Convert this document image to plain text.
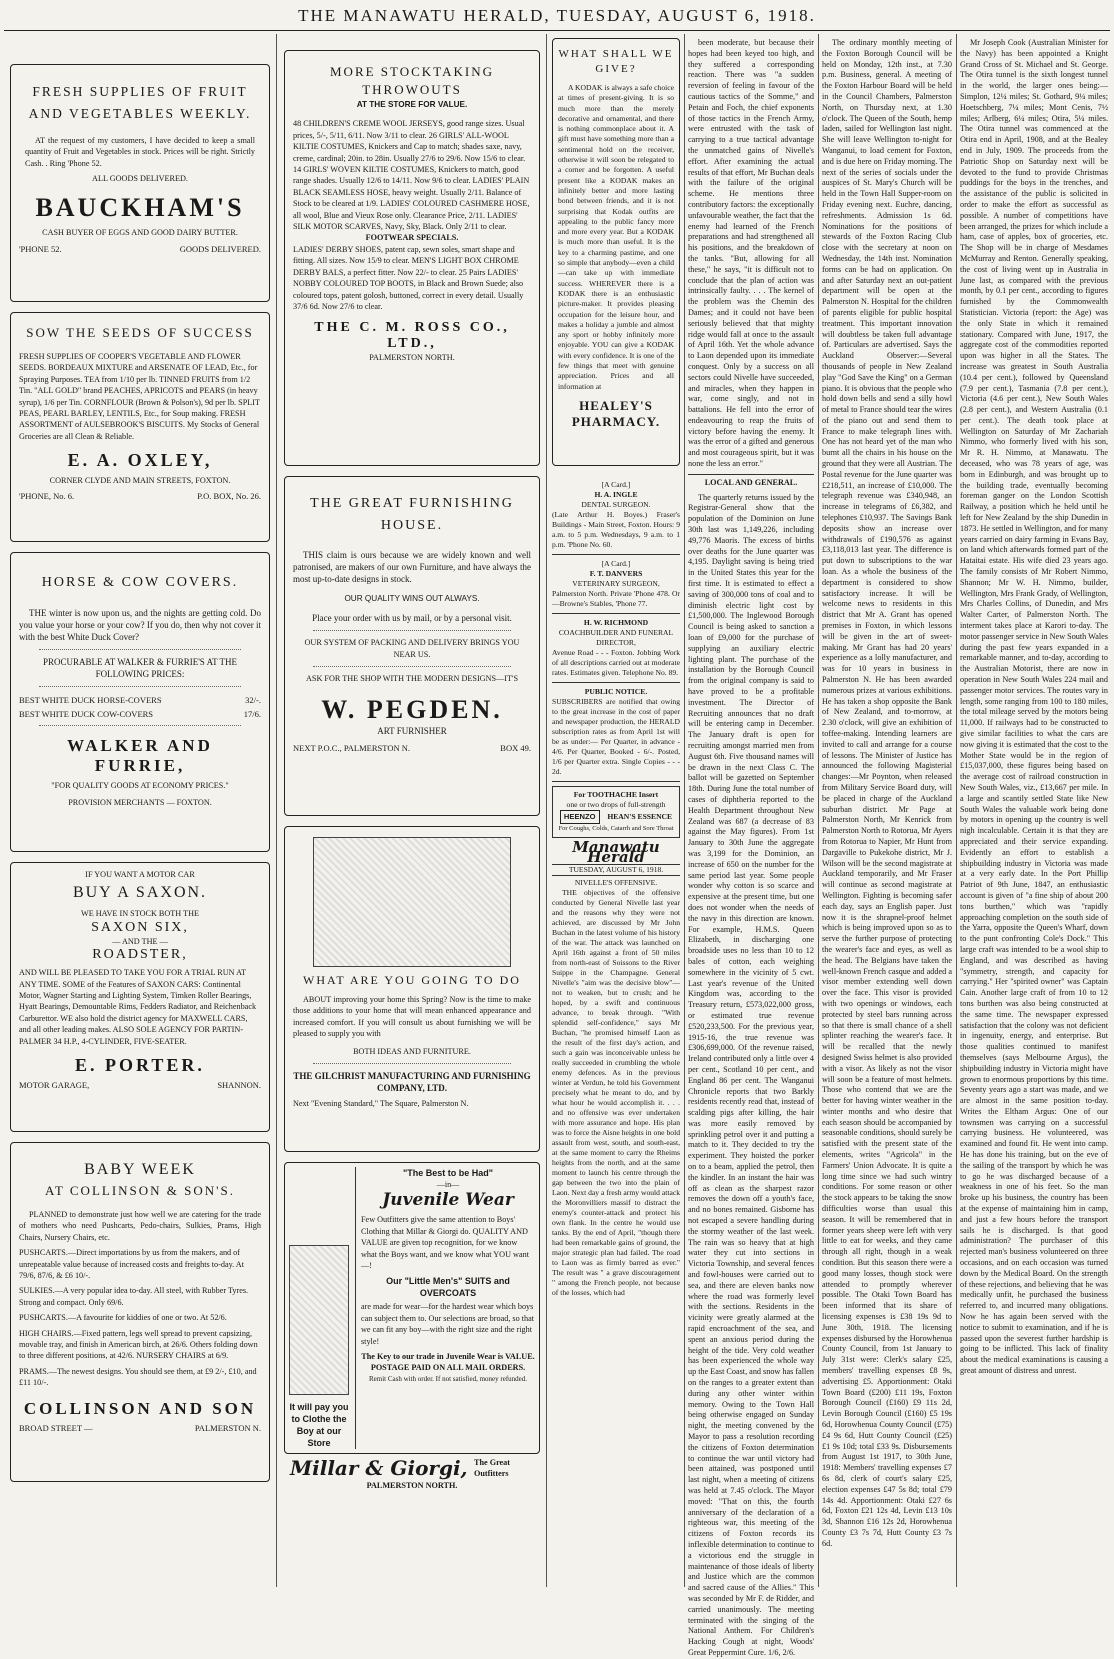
THE MANAWATU HERALD, TUESDAY, AUGUST 6, 1918.
FRESH SUPPLIES OF FRUIT AND VEGETABLES WEEKLY.
AT the request of my customers, I have decided to keep a small quantity of Fruit and Vegetables in stock. Prices will be right. Strictly Cash. . Ring 'Phone 52.
ALL GOODS DELIVERED.
BAUCKHAM'S
CASH BUYER OF EGGS AND GOOD DAIRY BUTTER.
'PHONE 52.	GOODS DELIVERED.
SOW THE SEEDS OF SUCCESS
FRESH SUPPLIES OF COOPER'S VEGETABLE AND FLOWER SEEDS. BORDEAUX MIXTURE and ARSENATE OF LEAD, Etc., for Spraying Purposes. TEA from 1/10 per lb. TINNED FRUITS from 1/2 Tin. "ALL GOLD" brand PEACHES, APRICOTS and PEARS (in heavy syrup), 1/6 per Tin. CORNFLOUR (Brown & Polson's), 9d per lb. SPLIT PEAS, PEARL BARLEY, LENTILS, Etc., for Soup making. FRESH ASSORTMENT of AULSEBROOK'S BISCUITS. My Stocks of General Groceries are all Clean & Reliable.
E. A. OXLEY,
CORNER CLYDE AND MAIN STREETS, FOXTON.
'PHONE, No. 6.	P.O. BOX, No. 26.
HORSE & COW COVERS.
THE winter is now upon us, and the nights are getting cold. Do you value your horse or your cow? If you do, then why not cover it with the best White Duck Cover?
PROCURABLE AT WALKER & FURRIE'S AT THE FOLLOWING PRICES:
BEST WHITE DUCK HORSE-COVERS	32/-.
BEST WHITE DUCK COW-COVERS	17/6.
WALKER AND FURRIE,
"FOR QUALITY GOODS AT ECONOMY PRICES."
PROVISION MERCHANTS — FOXTON.
IF YOU WANT A MOTOR CAR
BUY A SAXON.
WE HAVE IN STOCK BOTH THE
SAXON SIX,
— AND THE —
ROADSTER,
AND WILL BE PLEASED TO TAKE YOU FOR A TRIAL RUN AT ANY TIME. SOME of the Features of SAXON CARS: Continental Motor, Wagner Starting and Lighting System, Timken Roller Bearings, Hyatt Bearings, Demountable Rims, Fedders Radiator, and Reichenback Carburettor. WE also hold the district agency for MAXWELL CARS, and all other leading makes. ALSO SOLE AGENCY FOR PARTIN-PALMER 34 H.P., 4-CYLINDER, FIVE-SEATER.
E. PORTER.
MOTOR GARAGE,	SHANNON.
BABY WEEK
AT COLLINSON & SON'S.
PLANNED to demonstrate just how well we are catering for the trade of mothers who need Pushcarts, Pedo-chairs, Sulkies, Prams, High Chairs, Nursery Chairs, etc.
PUSHCARTS.—Direct importations by us from the makers, and of unrepeatable value because of increased costs and freights to-day. At 79/6, 87/6, & £6 10/-.
SULKIES.—A very popular idea to-day. All steel, with Rubber Tyres. Strong and compact. Only 69/6.
PUSHCARTS.—A favourite for kiddies of one or two. At 52/6.
HIGH CHAIRS.—Fixed pattern, legs well spread to prevent capsizing, movable tray, and finish in American birch, at 26/6. Others folding down to three different positions, at 42/6. NURSERY CHAIRS at 6/9.
PRAMS.—The newest designs. You should see them, at £9 2/-, £10, and £11 10/-.
COLLINSON AND SON
BROAD STREET —	PALMERSTON N.
MORE STOCKTAKING THROWOUTS
AT THE STORE FOR VALUE.
48 CHILDREN'S CREME WOOL JERSEYS, good range sizes. Usual prices, 5/-, 5/11, 6/11. Now 3/11 to clear. 26 GIRLS' ALL-WOOL KILTIE COSTUMES, Knickers and Cap to match; shades saxe, navy, creme, cardinal; 20in. to 28in. Usually 27/6 to 29/6. Now 15/6 to clear. 14 GIRLS' WOVEN KILTIE COSTUMES, Knickers to match, good range shades. Usually 12/6 to 14/11. Now 9/6 to clear. LADIES' PLAIN BLACK SEAMLESS HOSE, heavy weight. Usually 2/11. Balance of Stock to be cleared at 1/9. LADIES' COLOURED CASHMERE HOSE, all wool, Blue and Vieux Rose only. Clearance Price, 2/11. LADIES' SILK MOTOR SCARVES, Navy, Sky, Black. Only 2/11 to clear.
FOOTWEAR SPECIALS.
LADIES' DERBY SHOES, patent cap, sewn soles, smart shape and fitting. All sizes. Now 15/9 to clear. MEN'S LIGHT BOX CHROME DERBY BALS, a perfect fitter. Now 22/- to clear. 25 Pairs LADIES' NOBBY COLOURED TOP BOOTS, in Black and Brown Suede; also coloured tops, patent golosh, buttoned, correct in every detail. Usually 37/6 6d. Now 27/6 to clear.
THE C. M. ROSS CO., LTD.,
PALMERSTON NORTH.
THE GREAT FURNISHING HOUSE.
THIS claim is ours because we are widely known and well patronised, are makers of our own Furniture, and have always the most up-to-date designs in stock.
OUR QUALITY WINS OUT ALWAYS.
Place your order with us by mail, or by a personal visit.
OUR SYSTEM OF PACKING AND DELIVERY BRINGS YOU NEAR US.
ASK FOR THE SHOP WITH THE MODERN DESIGNS—IT'S
W. PEGDEN.
ART FURNISHER
NEXT P.O.C., PALMERSTON N.	BOX 49.
WHAT ARE YOU GOING TO DO
ABOUT improving your home this Spring? Now is the time to make those additions to your home that will mean enhanced appearance and increased comfort. If you will consult us about furnishing we will be pleased to supply you with
BOTH IDEAS AND FURNITURE.
THE GILCHRIST MANUFACTURING AND FURNISHING COMPANY, LTD.
Next "Evening Standard," The Square, Palmerston N.
It will pay you to Clothe the Boy at our Store
"The Best to be Had"
—in—
Juvenile Wear
Few Outfitters give the same attention to Boys' Clothing that Millar & Giorgi do. QUALITY AND VALUE are given top recognition, for we know what the Boys want, and we know what YOU want—!
Our "Little Men's" SUITS and OVERCOATS
are made for wear—for the hardest wear which boys can subject them to. Our selections are broad, so that we can fit any boy—with the right size and the right style!
The Key to our trade in Juvenile Wear is VALUE.
POSTAGE PAID ON ALL MAIL ORDERS.
Remit Cash with order. If not satisfied, money refunded.
Millar & Giorgi, The Great Outfitters
PALMERSTON NORTH.
WHAT SHALL WE GIVE?
A KODAK is always a safe choice at times of present-giving. It is so much more than the merely decorative and ornamental, and there is nothing commonplace about it. A gift must have something more than a sentimental hold on the receiver, otherwise it will soon be relegated to a corner and be forgotten. A useful present like a KODAK makes an infinitely better and more lasting bond between friends, and it is not surprising that Kodak outfits are appealing to the public fancy more and more every year. But a KODAK is much more than useful. It is the key to a charming pastime, and one so simple that anybody—even a child—can take up with immediate success. WHEREVER there is a KODAK there is an enthusiastic picture-maker. It provides pleasing occupation for the leisure hour, and makes a holiday a jumble and almost any sport or hobby infinitely more enjoyable. YOU can give a KODAK with every confidence. It is one of the few things that meet with genuine appreciation. Prices and all information at
HEALEY'S PHARMACY.
[A Card.]
H. A. INGLE
DENTAL SURGEON.
(Late Arthur H. Boyes.) Fraser's Buildings - Main Street, Foxton. Hours: 9 a.m. to 5 p.m. Wednesdays, 9 a.m. to 1 p.m. 'Phone No. 60.
[A Card.]
F. T. DANVERS
VETERINARY SURGEON,
Palmerston North. Private 'Phone 478. Or—Browne's Stables, 'Phone 77.
H. W. RICHMOND
COACHBUILDER AND FUNERAL DIRECTOR,
Avenue Road - - - Foxton. Jobbing Work of all descriptions carried out at moderate rates. Estimates given. Telephone No. 89.
PUBLIC NOTICE.
SUBSCRIBERS are notified that owing to the great increase in the cost of paper and newspaper production, the HERALD subscription rates as from April 1st will be as under:— Per Quarter, in advance - 4/6. Per Quarter, Booked - 6/-. Posted, 1/6 per Quarter extra. Single Copies - - - 2d.
For TOOTHACHE Insert
one or two drops of full-strength
HEENZO	HEAN'S ESSENCE
For Coughs, Colds, Catarrh and Sore Throat
Manawatu Herald
TUESDAY, AUGUST 6, 1918.
NIVELLE'S OFFENSIVE.

THE objectives of the offensive conducted by General Nivelle last year and the reasons why they were not achieved, are discussed by Mr John Buchan in the latest volume of his history of the war. The attack was launched on April 16th against a front of 50 miles from north-east of Soissons to the River Suippe in the Champagne. General Nivelle's "aim was the decisive blow"—not to weaken, but to crush; and he hoped, by a swift and continuous advance, to break through. "With splendid self-confidence," says Mr Buchan, "he promised himself Laon as the result of the first day's action, and such a gain was inconceivable unless he really succeeded in crumbling the whole enemy defences. As in the previous winter at Verdun, he told his Government precisely what he meant to do, and by what hour he would accomplish it. . . . and no offensive was ever undertaken with more assurance and hope. His plan was to force the Aisne heights in one bold assault from west, south, and south-east, at the same moment to carry the Rheims heights from the north, and at the same moment to launch his centre through the gap between the two into the plain of Laon. Next day a fresh army would attack the Moronvilliers massif to distract the enemy's counter-attack and protect his own flank. In the centre he would use tanks. By the end of April, "though there had been remarkable gains of ground, the major strategic plan had failed. The road to Laon was as firmly barred as ever." The result was " a grave discouragement " among the French people, not because of the losses, which had

been moderate, but because their hopes had been keyed too high, and they suffered a corresponding reaction. There was "a sudden reversion of feeling in favour of the cautious tactics of the Somme," and Petain and Foch, the chief exponents of those tactics in the French Army, were entrusted with the task of carrying to a true tactical advantage the unmatched gains of Nivelle's effort. After examining the actual results of that effort, Mr Buchan deals with the failure of the original scheme. He mentions three contributory factors: the exceptionally unfavourable weather, the fact that the enemy had learned of the French preparations and had strengthened all his positions, and the breakdown of the tanks. "But, allowing for all these," he says, "it is difficult not to conclude that the plan of action was intrinsically faulty. . . . The kernel of the problem was the Chemin des Dames; and it could not have been seriously believed that that mighty ridge would fall at once to the assault of April 16th. Yet the whole advance to Laon depended upon its immediate conquest. Only by a success on all sectors could Nivelle have succeeded, and miracles, when they happen in war, come singly, and not in battalions. He fell into the error of endeavouring to reap the fruits of victory before having the enemy. It was the error of a gifted and generous and most courageous spirit, but it was none the less an error."

LOCAL AND GENERAL.

The quarterly returns issued by the Registrar-General show that the population of the Dominion on June 30th last was 1,149,226, including 49,776 Maoris. The excess of births over deaths for the June quarter was 4,195. Daylight saving is being tried in the United States this year for the first time. It is estimated to effect a saving of 300,000 tons of coal and to diminish electric light cost by £1,500,000. The Inglewood Borough Council is being asked to sanction a loan of £9,000 for the purchase of supplying an auxiliary electric lighting plant. The purchase of the installation by the Borough Council from the original company is said to have proved to be a profitable investment. The Director of Recruiting announces that no draft will be entering camp in December. The January draft is open for recruiting amongst married men from August 6th. Five thousand names will be drawn in the next Class C. The ballot will be gazetted on September 18th. During June the total number of cases of diphtheria reported to the Health Department throughout New Zealand was 687 (a decrease of 83 against the May figures). From 1st January to 30th June the aggregate was 3,199 for the Dominion, an increase of 650 on the number for the same period last year. Some people wonder why cotton is so scarce and expensive at the present time, but one does not wonder when the needs of the navy in this direction are known. For example, H.M.S. Queen Elizabeth, in discharging one broadside uses no less than 10 to 12 bales of cotton, each weighing somewhere in the vicinity of 5 cwt. Last year's revenue of the United Kingdom was, according to the Treasury return, £573,022,000 gross, or estimated true revenue £520,233,500. For the previous year, 1915-16, the true revenue was £306,699,000. Of the revenue raised, Ireland contributed only a little over 4 per cent., Scotland 10 per cent., and England 86 per cent. The Wanganui Chronicle reports that two Barkly residents recently read that, instead of scalding pigs after killing, the hair was more easily removed by sprinkling petrol over it and putting a match to it. They decided to try the experiment. They hoisted the porker on to a beam, applied the petrol, then the kindler. In an instant the hair was off as clean as the sharpest razor removes the down off a youth's face, and no bones remained. Gisborne has not escaped a severe handling during the stormy weather of the last week. The rain was so heavy that at high water they cut into sections in Victoria Township, and several fences and fowl-houses were carried out to sea, and there are eleven banks now where the road was formerly level with the sections. Residents in the vicinity were greatly alarmed at the rapid encroachment of the sea, and spent an anxious period during the height of the tide. Very cold weather has been experienced the whole way up the East Coast, and snow has fallen on the ranges to a greater extent than during any other winter within memory. Owing to the Town Hall being otherwise engaged on Sunday night, the meeting convened by the Mayor to pass a resolution recording the citizens of Foxton determination to continue the war until victory had been attained, was postponed until last night, when a meeting of citizens was held at 7.45 o'clock. The Mayor moved: "That on this, the fourth anniversary of the declaration of a righteous war, this meeting of the citizens of Foxton records its inflexible determination to continue to a victorious end the struggle in maintenance of those ideals of liberty and Justice which are the common and sacred cause of the Allies." This was seconded by Mr F. de Ridder, and carried unanimously. The meeting terminated with the singing of the National Anthem. For Children's Hacking Cough at night, Woods' Great Peppermint Cure. 1/6, 2/6.

The ordinary monthly meeting of the Foxton Borough Council will be held on Monday, 12th inst., at 7.30 p.m. Business, general. A meeting of the Foxton Harbour Board will be held in the Council Chambers, Palmerston North, on Thursday next, at 1.30 o'clock. The Queen of the South, hemp laden, sailed for Wellington last night. She will leave Wellington to-night for Wanganui, to load cement for Foxton, and is due here on Friday morning. The next of the series of socials under the auspices of St. Mary's Church will be held in the Town Hall Supper-room on Friday evening next. Euchre, dancing, refreshments. Admission 1s 6d. Nominations for the positions of stewards of the Foxton Racing Club close with the secretary at noon on Wednesday, the 14th inst. Nomination forms can be had on application. On and after Saturday next an out-patient department will be open at the Palmerston N. Hospital for the children of parents eligible for public hospital treatment. This important innovation will doubtless be taken full advantage of. Particulars are advertised. Says the Auckland Observer:—Several thousands of people in New Zealand play "God Save the King" on a German piano. It is obvious that the people who hold down bells and send a silly howl of metal to France should tear the wires of the piano out and send them to France to make telegraph lines with. One has not heard yet of the man who burnt all the chairs in his house on the ground that they were all Austrian. The Postal revenue for the June quarter was £218,511, an increase of £10,000. The telegraph revenue was £340,948, an increase in telegrams of £6,382, and telephones £10,937. The Savings Bank deposits show an increase over withdrawals of £190,576 as against £3,118,013 last year. The difference is put down to subscriptions to the war loan. As a whole the business of the department is considered to show satisfactory increase. It will be welcome news to residents in this district that Mr A. Grant has opened premises in Foxton, in which lessons will be given in the art of sweet-making. Mr Grant has had 20 years' experience as a lolly manufacturer, and was for 10 years in business in Palmerston N. He has been awarded numerous prizes at various exhibitions. He has taken a shop opposite the Bank of New Zealand, and to-morrow, at 2.30 o'clock, will give an exhibition of toffee-making. Intending learners are invited to call and arrange for a course of lessons. The Minister of Justice has announced the following Magisterial changes:—Mr Poynton, when released from Military Service Board duty, will be placed in charge of the Auckland suburban district. Mr Page at Palmerston North, Mr Kenrick from Palmerston North to Rotorua, Mr Ayers from Rotorua to Napier, Mr Hunt from Dargaville to Pukekohe district, Mr J. Wilson will be the second magistrate at Auckland temporarily, and Mr Fraser will continue as second magistrate at Wellington. Fighting is becoming safer each day, says an English paper. Just now it is the shrapnel-proof helmet which is being improved upon so as to serve the further purpose of protecting the wearer's face and eyes, as well as the head. The Belgians have taken the well-known French casque and added a visor member extending well down over the face. This visor is provided with two openings or windows, each protected by steel bars running across so that there is small chance of a shell splinter reaching the wearer's face. It will be recalled that the newly designed Swiss helmet is also provided with a visor. As likely as not the visor will soon be a feature of most helmets. Those who contend that we are the better for having winter weather in the winter months and who desire that each season should be accompanied by seasonable conditions, should surely be satisfied with the present state of the elements, writes "Agricola" in the Farmers' Union Advocate. It is quite a long time since we had such wintry conditions. For some reason or other the stock appears to be taking the snow difficulties worse than usual this season. It will be remembered that in former years sheep were left with very little to eat for weeks, and they came through all right, though in a weak condition. But this season there were a good many losses, though stock were attended to promptly wherever possible. The Otaki Town Board has been informed that its share of licensing expenses is £38 19s 9d to June 30th, 1918. The licensing expenses disbursed by the Horowhenua County Council, from 1st January to July 31st were: Clerk's salary £25, members' travelling expenses £8 9s, advertising £5. Apportionment: Otaki Town Board (£200) £11 19s, Foxton Borough Council (£160) £9 11s 2d, Levin Borough Council (£160) £5 19s 6d, Horowhenua County Council (£75) £4 9s 6d, Hutt County Council (£25) £1 9s 10d; total £33 9s. Disbursements from August 1st 1917, to 30th June, 1918: Members' travelling expenses £7 6s 8d, clerk of court's salary £25, election expenses £47 5s 8d; total £79 14s 4d. Apportionment: Otaki £27 6s 6d, Foxton £21 12s 4d, Levin £13 10s 3d, Shannon £16 12s 2d, Horowhenua County £3 7s 7d, Hutt County £3 7s 6d.

Mr Joseph Cook (Australian Minister for the Navy) has been appointed a Knight Grand Cross of St. Michael and St. George. The Otira tunnel is the sixth longest tunnel in the world, the larger ones being:—Simplon, 12¼ miles; St. Gothard, 9¼ miles; Hoetschberg, 7¼ miles; Mont Cenis, 7½ miles; Arlberg, 6¼ miles; Otira, 5¼ miles. The Otira tunnel was commenced at the Otira end in April, 1908, and at the Bealey end in July, 1909. The proceeds from the Patriotic Shop on Saturday next will be devoted to the fund to provide Christmas puddings for the boys in the trenches, and the assistance of the public is solicited in order to make the effort as successful as possible. A number of competitions have been arranged, the prizes for which include a ham, case of apples, box of groceries, etc. The Shop will be in charge of Mesdames McMurray and Renton. Generally speaking, the cost of living went up in Australia in June last, as compared with the previous month, by 0.1 per cent., according to figures furnished by the Commonwealth Statistician. Victoria (report: the Age) was the only State in which it remained stationary. Compared with June, 1917, the aggregate cost of the commodities reported upon was higher in all the States. The increase was greatest in South Australia (10.4 per cent.), followed by Queensland (7.9 per cent.), Tasmania (7.8 per cent.), Victoria (4.6 per cent.), New South Wales (2.8 per cent.), and Western Australia (0.1 per cent.). The death took place at Wellington on Saturday of Mr Zachariah Nimmo, who formerly lived with his son, Mr R. H. Nimmo, at Manawatu. The deceased, who was 78 years of age, was born in Edinburgh, and was brought up to the building trade, eventually becoming foreman ganger on the London Scottish Railway, a position which he held until he left for New Zealand by the ship Dunedin in 1873. He settled in Wellington, and for many years carried on dairy farming in Evans Bay, on land which afterwards formed part of the Hataitai estate. His wife died 23 years ago. The family consists of Mr Robert Nimmo, Shannon; Mr W. H. Nimmo, builder, Wellington, Mrs Frank Grady, of Wellington, Mrs Charles Collins, of Dunedin, and Mrs Walter Carter, of Palmerston North. The interment takes place at Karori to-day. The motor passenger service in New South Wales during the past few years expanded in a remarkable manner, and to-day, according to the Australian Motorist, there are now in operation in New South Wales 224 mail and passenger motor services. The routes vary in length, some ranging from 100 to 180 miles, the total mileage served by the motors being 11,000. If railways had to be constructed to give similar facilities to what the cars are now giving it is estimated that the cost to the Mother State would be in the region of £15,037,000, these figures being based on the average cost of railroad construction in New South Wales, viz., £13,667 per mile. In a large and scantily settled State like New South Wales the valuable work being done by motors in opening up the country is well nigh incalculable. Certain it is that they are appreciated and their service expanding. Evidently an effort to establish a shipbuilding industry in Victoria was made at a very early date. In the Port Phillip Patriot of 9th June, 1847, an enthusiastic account is given of "a fine ship of about 200 tons burthen," which was "rapidly approaching completion on the south side of the Yarra, opposite the Queen's Wharf, down to the punt confronting Cole's Dock." This large craft was intended to be a wool ship to England, and was described as having "symmetry, strength, and capacity for carrying." Her "spirited owner" was Captain Cain. Another large craft of from 10 to 12 tons burthen was also being constructed at the same time. The newspaper expressed satisfaction that the colony was not deficient in ingenuity, energy, and enterprise. But those qualities continued to manifest themselves (says Melbourne Argus), the shipbuilding industry in Victoria might have grown to enormous proportions by this time. Seventy years ago a start was made, and we are almost in the same position to-day. Writes the Eltham Argus: One of our townsmen was carrying on a successful carrying business. He volunteered, was examined and found fit. He went into camp. He has done his training, but on the eve of the sailing of the transport by which he was to go he was discharged because of a weakness in one of his feet. So the man broke up his business, the country has been at the expense of maintaining him in camp, and just a few hours before the transport sails he is discharged. Is that good administration? The purchaser of this rejected man's business volunteered on three occasions, and on each occasion was turned down by the Medical Board. On the strength of these rejections, and believing that he was medically unfit, he purchased the business referred to, and incurred many obligations. Now he has again been served with the notice to submit to examination, and if he is passed upon the severest further hardship is going to be inflicted. This lack of finality about the medical examinations is causing a great amount of distress and unrest.
